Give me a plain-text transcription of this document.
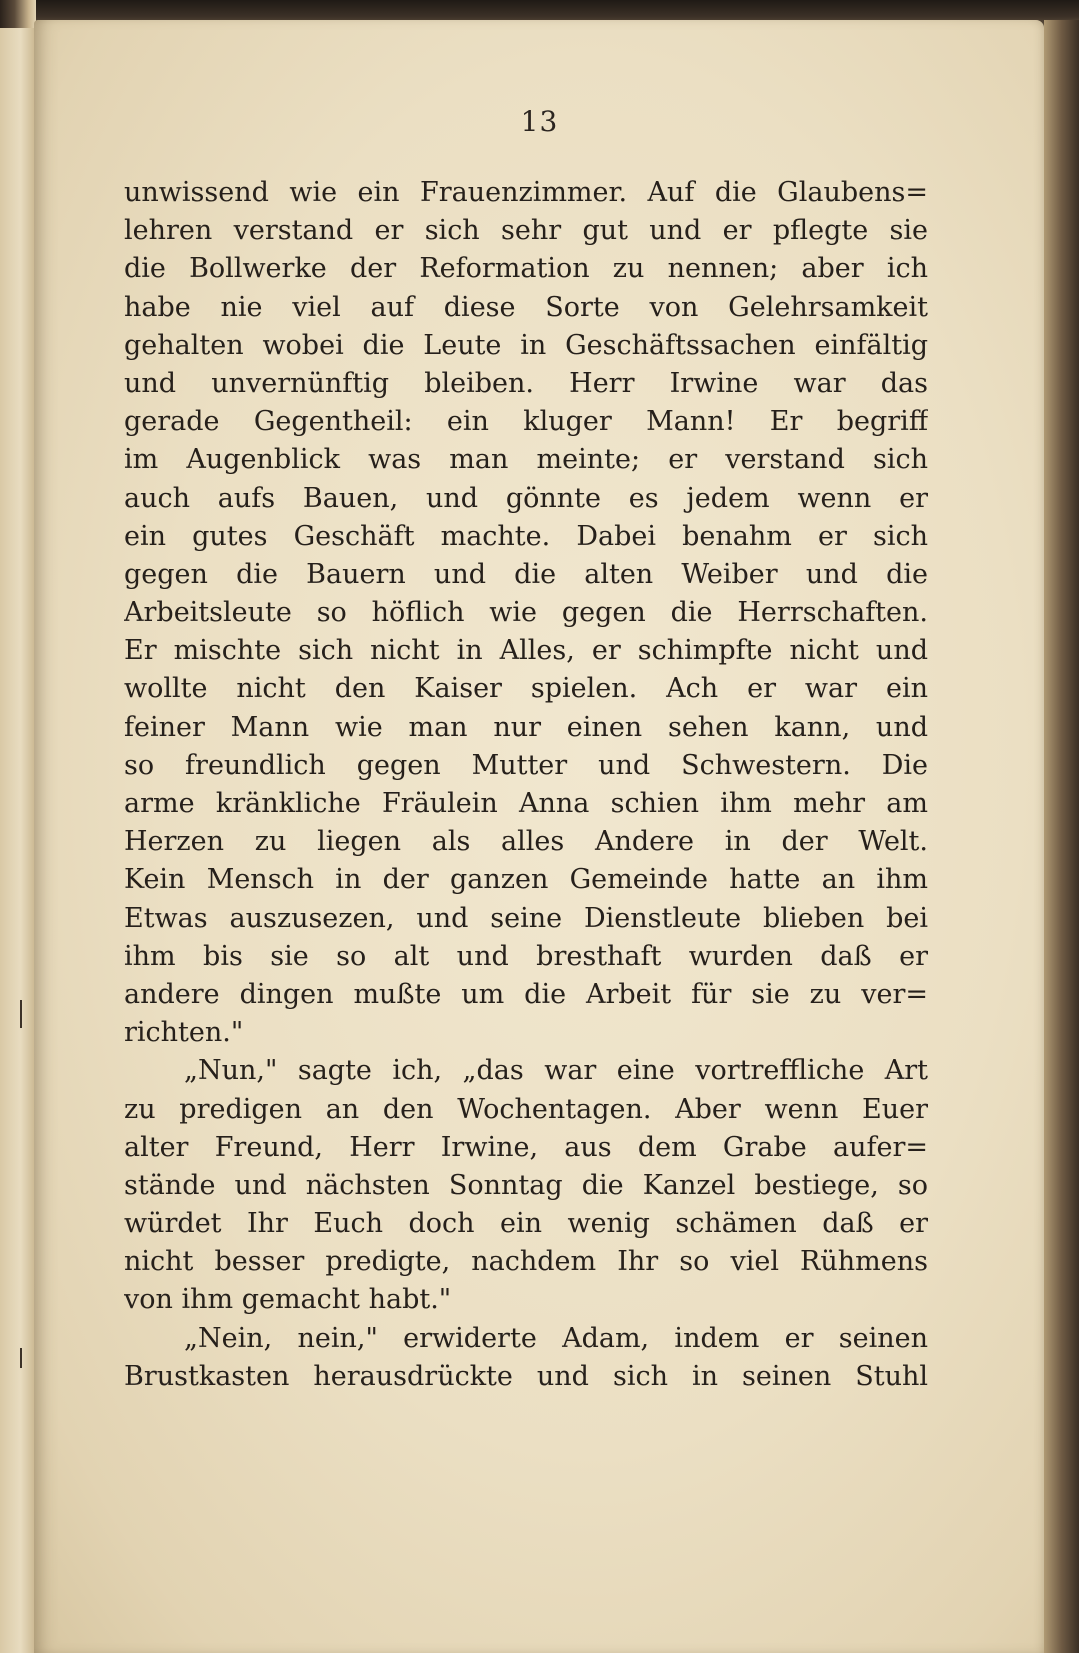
13
unwissend wie ein Frauenzimmer. Auf die Glaubens=
lehren verstand er sich sehr gut und er pflegte sie
die Bollwerke der Reformation zu nennen; aber ich
habe nie viel auf diese Sorte von Gelehrsamkeit
gehalten wobei die Leute in Geschäftssachen einfältig
und unvernünftig bleiben. Herr Irwine war das
gerade Gegentheil: ein kluger Mann! Er begriff
im Augenblick was man meinte; er verstand sich
auch aufs Bauen, und gönnte es jedem wenn er
ein gutes Geschäft machte. Dabei benahm er sich
gegen die Bauern und die alten Weiber und die
Arbeitsleute so höflich wie gegen die Herrschaften.
Er mischte sich nicht in Alles, er schimpfte nicht und
wollte nicht den Kaiser spielen. Ach er war ein
feiner Mann wie man nur einen sehen kann, und
so freundlich gegen Mutter und Schwestern. Die
arme kränkliche Fräulein Anna schien ihm mehr am
Herzen zu liegen als alles Andere in der Welt.
Kein Mensch in der ganzen Gemeinde hatte an ihm
Etwas auszusezen, und seine Dienstleute blieben bei
ihm bis sie so alt und bresthaft wurden daß er
andere dingen mußte um die Arbeit für sie zu ver=
richten."
„Nun," sagte ich, „das war eine vortreffliche Art
zu predigen an den Wochentagen. Aber wenn Euer
alter Freund, Herr Irwine, aus dem Grabe aufer=
stände und nächsten Sonntag die Kanzel bestiege, so
würdet Ihr Euch doch ein wenig schämen daß er
nicht besser predigte, nachdem Ihr so viel Rühmens
von ihm gemacht habt."
„Nein, nein," erwiderte Adam, indem er seinen
Brustkasten herausdrückte und sich in seinen Stuhl
